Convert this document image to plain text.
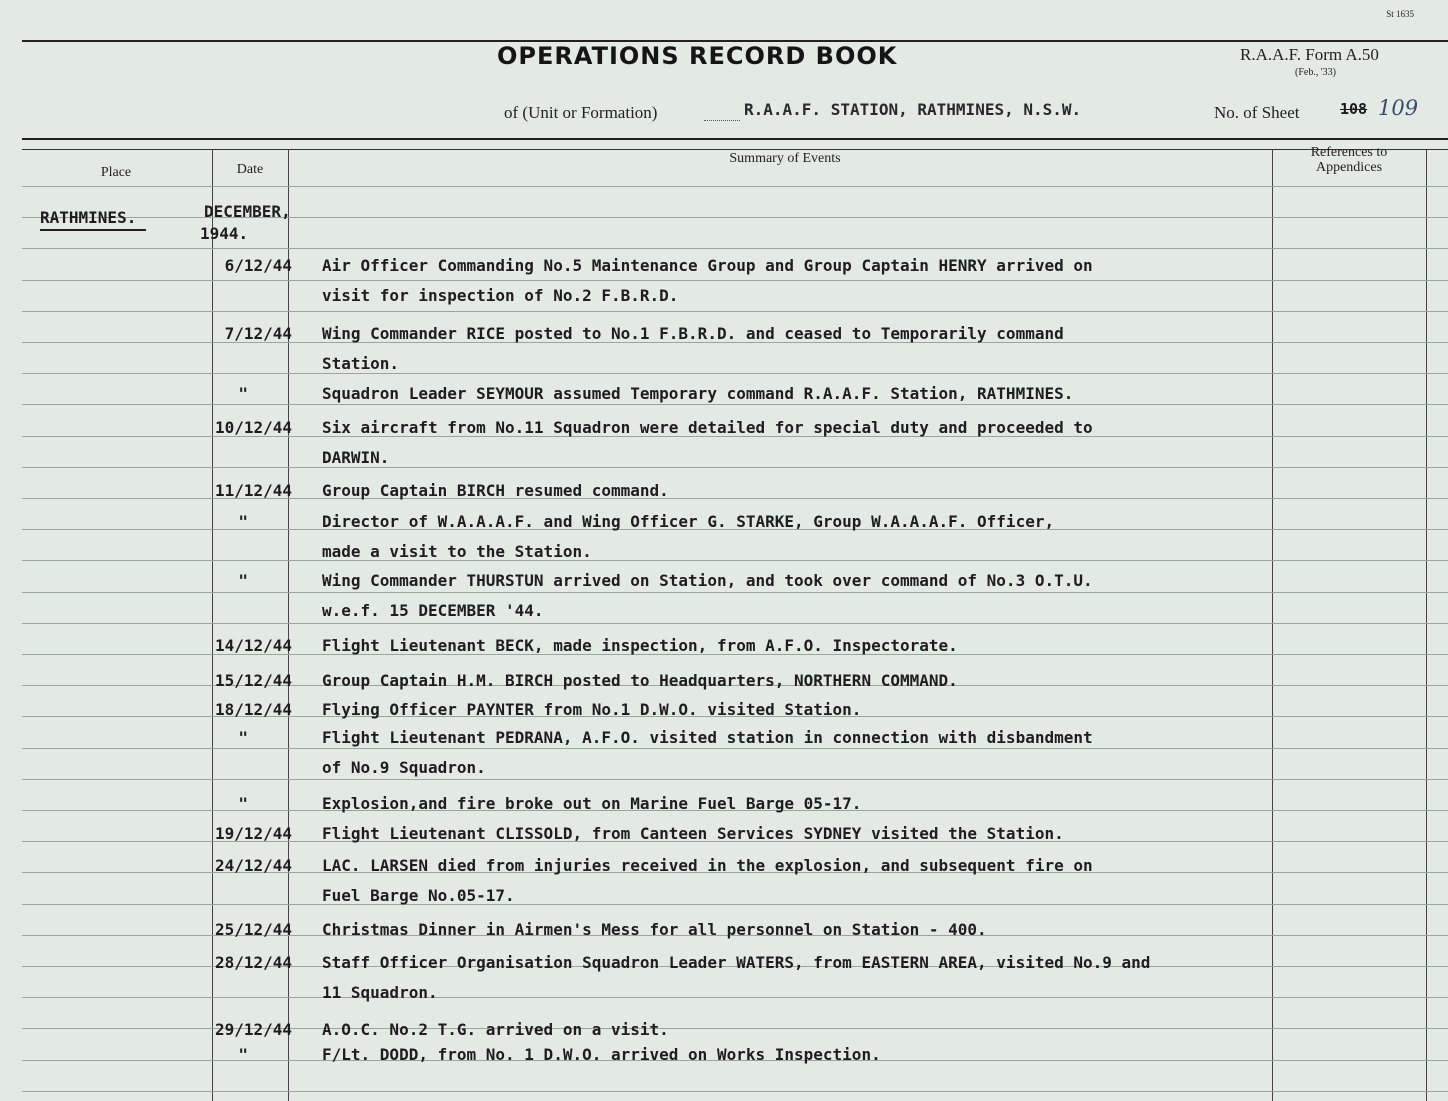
St 1635
OPERATIONS RECORD BOOK	R.A.A.F. Form A.50
(Feb., '33)
of (Unit or Formation)	R.A.A.F. STATION, RATHMINES, N.S.W.	No. of Sheet	108 109
Place	Date
Summary of Events	References to Appendices
RATHMINES.	DECEMBER,
1944.
6/12/44 Air Officer Commanding No.5 Maintenance Group and Group Captain HENRY arrived on
visit for inspection of No.2 F.B.R.D.
7/12/44 Wing Commander RICE posted to No.1 F.B.R.D. and ceased to Temporarily command
Station.
"	Squadron Leader SEYMOUR assumed Temporary command R.A.A.F. Station, RATHMINES.
10/12/44 Six aircraft from No.11 Squadron were detailed for special duty and proceeded to
DARWIN.
11/12/44 Group Captain BIRCH resumed command.
"	Director of W.A.A.A.F. and Wing Officer G. STARKE, Group W.A.A.A.F. Officer,
made a visit to the Station.
"	Wing Commander THURSTUN arrived on Station, and took over command of No.3 O.T.U.
w.e.f. 15 DECEMBER '44.
14/12/44 Flight Lieutenant BECK, made inspection, from A.F.O. Inspectorate.
15/12/44 Group Captain H.M. BIRCH posted to Headquarters, NORTHERN COMMAND.
18/12/44 Flying Officer PAYNTER from No.1 D.W.O. visited Station.
"	Flight Lieutenant PEDRANA, A.F.O. visited station in connection with disbandment
of No.9 Squadron.
"	Explosion,and fire broke out on Marine Fuel Barge 05-17.
19/12/44 Flight Lieutenant CLISSOLD, from Canteen Services SYDNEY visited the Station.
24/12/44 LAC. LARSEN died from injuries received in the explosion, and subsequent fire on
Fuel Barge No.05-17.
25/12/44 Christmas Dinner in Airmen's Mess for all personnel on Station - 400.
28/12/44 Staff Officer Organisation Squadron Leader WATERS, from EASTERN AREA, visited No.9 and
11 Squadron.
29/12/44 A.O.C. No.2 T.G. arrived on a visit.
"	F/Lt. DODD, from No. 1 D.W.O. arrived on Works Inspection.
